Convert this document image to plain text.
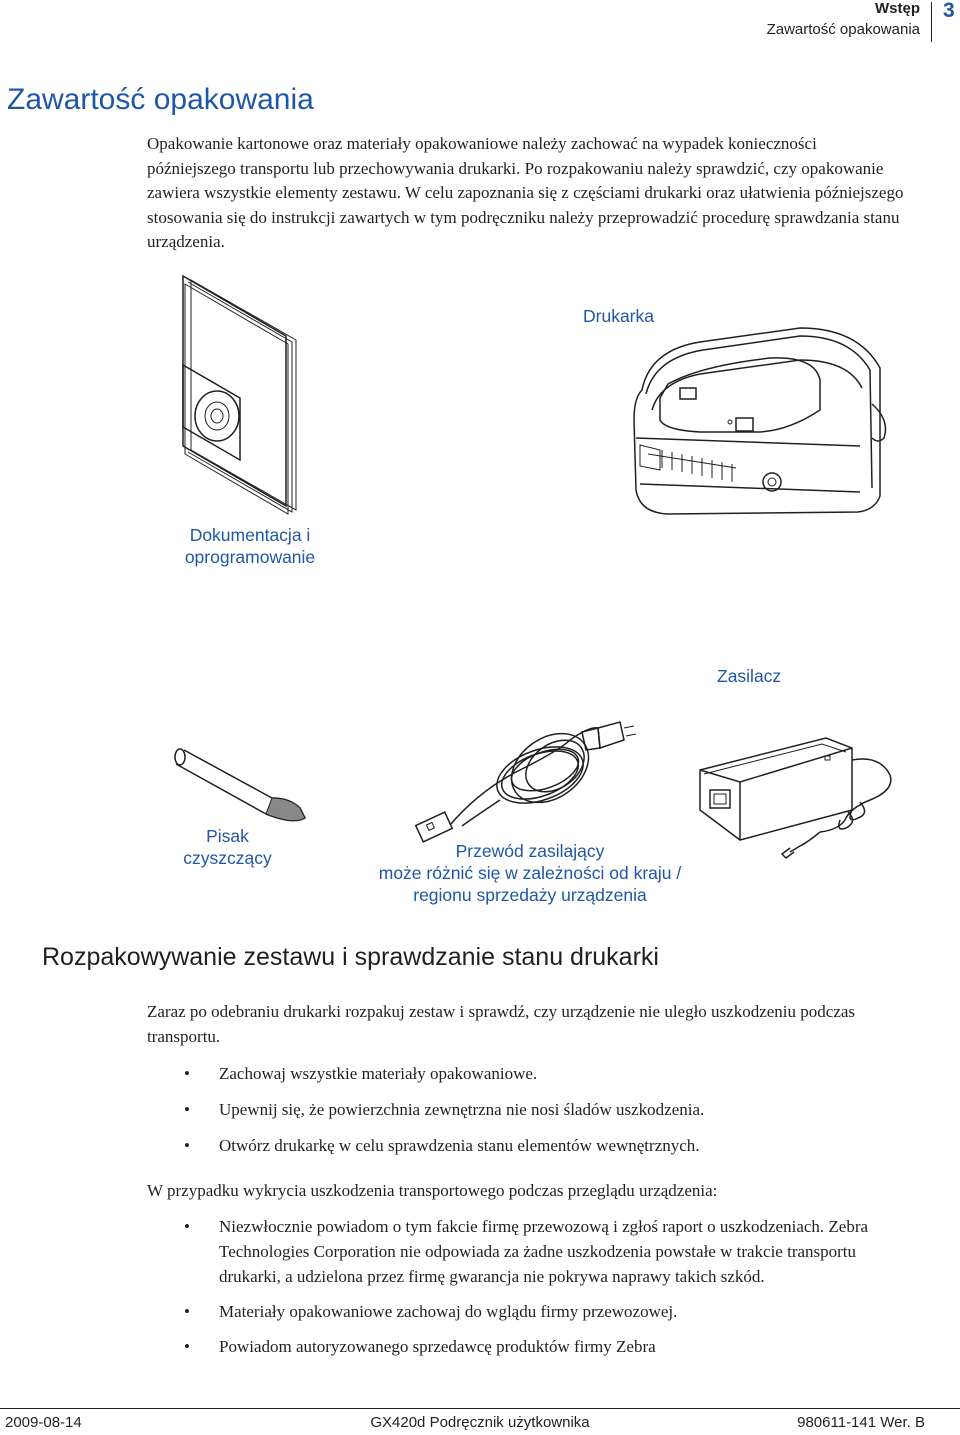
Wstęp
Zawartość opakowania
3
Zawartość opakowania
Opakowanie kartonowe oraz materiały opakowaniowe należy zachować na wypadek konieczności późniejszego transportu lub przechowywania drukarki. Po rozpakowaniu należy sprawdzić, czy opakowanie zawiera wszystkie elementy zestawu. W celu zapoznania się z częściami drukarki oraz ułatwienia późniejszego stosowania się do instrukcji zawartych w tym podręczniku należy przeprowadzić procedurę sprawdzania stanu urządzenia.
Drukarka
Dokumentacja i
oprogramowanie
Zasilacz
Pisak
czyszczący	Przewód zasilający
może różnić się w zależności od kraju /
regionu sprzedaży urządzenia
Rozpakowywanie zestawu i sprawdzanie stanu drukarki
Zaraz po odebraniu drukarki rozpakuj zestaw i sprawdź, czy urządzenie nie uległo uszkodzeniu podczas transportu.
• Zachowaj wszystkie materiały opakowaniowe.
• Upewnij się, że powierzchnia zewnętrzna nie nosi śladów uszkodzenia.
• Otwórz drukarkę w celu sprawdzenia stanu elementów wewnętrznych.
W przypadku wykrycia uszkodzenia transportowego podczas przeglądu urządzenia:
• Niezwłocznie powiadom o tym fakcie firmę przewozową i zgłoś raport o uszkodzeniach. Zebra Technologies Corporation nie odpowiada za żadne uszkodzenia powstałe w trakcie transportu drukarki, a udzielona przez firmę gwarancja nie pokrywa naprawy takich szkód.
• Materiały opakowaniowe zachowaj do wglądu firmy przewozowej.
• Powiadom autoryzowanego sprzedawcę produktów firmy Zebra
2009-08-14	GX420d Podręcznik użytkownika	980611-141 Wer. B
